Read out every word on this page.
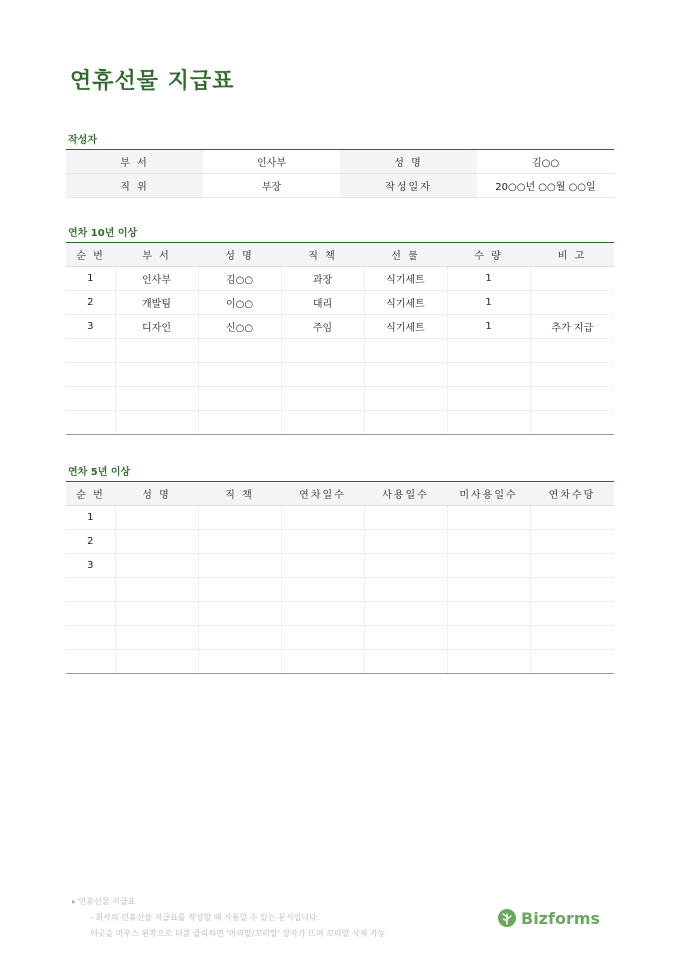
연휴선물 지급표
작성자
부 서	인사부	성 명	김○○
직 위	부장	작성일자	20○○년 ○○월 ○○일
연차 10년 이상
순 번	부 서	성 명	직 책	선 물	수 량	비 고
1	인사부	김○○	과장	식기세트	1	
2	개발팀	이○○	대리	식기세트	1	
3	디자인	신○○	주임	식기세트	1	추가 지급

연차 5년 이상
순 번	성 명	직 책	연차일수	사용일수	미사용일수	연차수당
1						
2						
3						

▸ 연휴선물 지급표
- 회사의 연휴선물 지급표를 작성할 때 사용할 수 있는 문서입니다.
이곳을 마우스 왼쪽으로 더블 클릭하면 '머리말/꼬리말' 상자가 뜨며 꼬리말 삭제 가능
Bizforms
